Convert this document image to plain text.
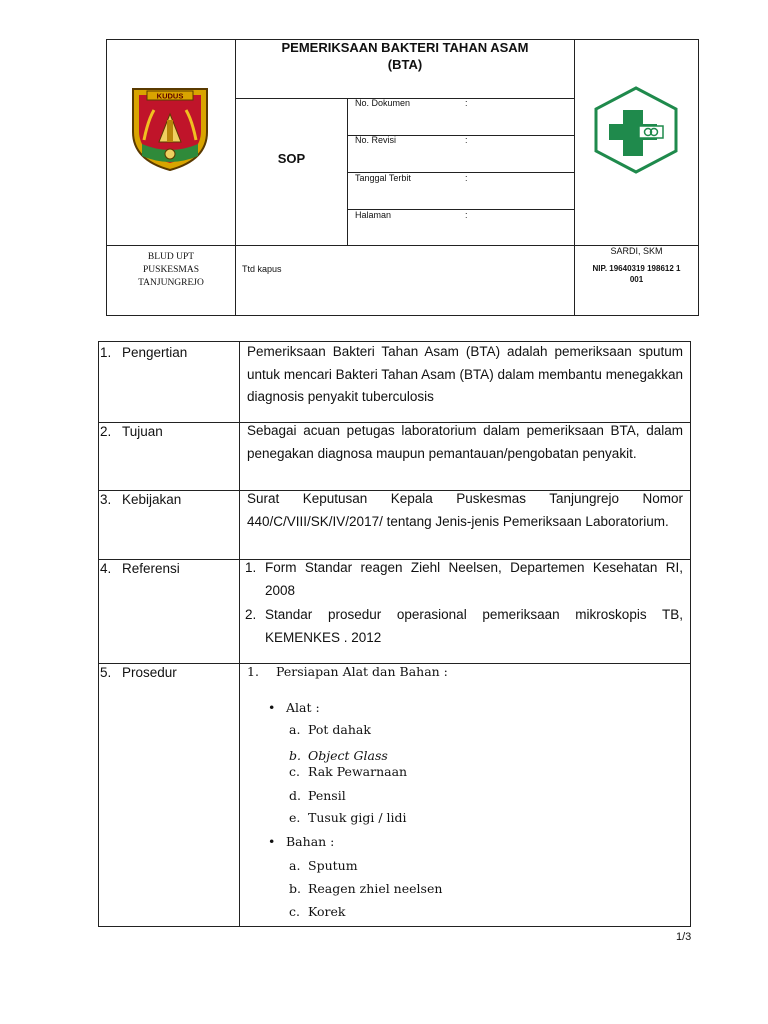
KUDUS
PEMERIKSAAN BAKTERI TAHAN ASAM
(BTA)
SOP
No. Dokumen	:
No. Revisi	:
Tanggal Terbit	:
Halaman	:
BLUD UPT
PUSKESMAS
TANJUNGREJO
Ttd kapus
SARDI, SKM
NIP. 19640319 198612 1
001
1. Pengertian	Pemeriksaan Bakteri Tahan Asam (BTA) adalah pemeriksaan sputum untuk mencari Bakteri Tahan Asam (BTA) dalam membantu menegakkan diagnosis penyakit tuberculosis
2. Tujuan	Sebagai acuan petugas laboratorium dalam pemeriksaan BTA, dalam penegakan diagnosa maupun pemantauan/pengobatan penyakit.
3. Kebijakan	Surat Keputusan Kepala Puskesmas Tanjungrejo Nomor 440/C/VIII/SK/IV/2017/ tentang Jenis-jenis Pemeriksaan Laboratorium.
4. Referensi	1. Form Standar reagen Ziehl Neelsen, Departemen Kesehatan RI, 2008
2. Standar prosedur operasional pemeriksaan mikroskopis TB, KEMENKES . 2012
5. Prosedur	1. Persiapan Alat dan Bahan :
• Alat :
a. Pot dahak
b. Object Glass
c. Rak Pewarnaan
d. Pensil
e. Tusuk gigi / lidi
• Bahan :
a. Sputum
b. Reagen zhiel neelsen
c. Korek
1/3
